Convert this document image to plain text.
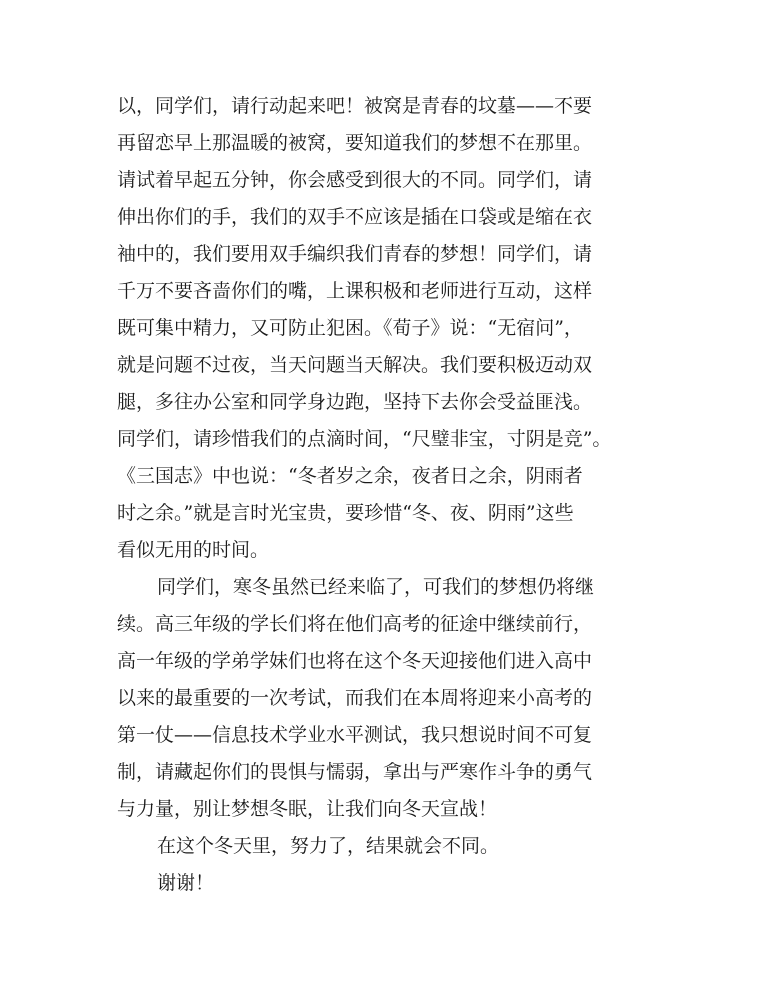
以，同学们，请行动起来吧！被窝是青春的坟墓——不要
再留恋早上那温暖的被窝，要知道我们的梦想不在那里。
请试着早起五分钟，你会感受到很大的不同。同学们，请
伸出你们的手，我们的双手不应该是插在口袋或是缩在衣
袖中的，我们要用双手编织我们青春的梦想！同学们，请
千万不要吝啬你们的嘴，上课积极和老师进行互动，这样
既可集中精力，又可防止犯困。《荀子》说：“无宿问”，
就是问题不过夜，当天问题当天解决。我们要积极迈动双
腿，多往办公室和同学身边跑，坚持下去你会受益匪浅。
同学们，请珍惜我们的点滴时间，“尺璧非宝，寸阴是竞”。
《三国志》中也说：“冬者岁之余，夜者日之余，阴雨者
时之余。”就是言时光宝贵，要珍惜“冬、夜、阴雨”这些
看似无用的时间。
同学们，寒冬虽然已经来临了，可我们的梦想仍将继
续。高三年级的学长们将在他们高考的征途中继续前行，
高一年级的学弟学妹们也将在这个冬天迎接他们进入高中
以来的最重要的一次考试，而我们在本周将迎来小高考的
第一仗——信息技术学业水平测试，我只想说时间不可复
制，请藏起你们的畏惧与懦弱，拿出与严寒作斗争的勇气
与力量，别让梦想冬眠，让我们向冬天宣战！
在这个冬天里，努力了，结果就会不同。
谢谢！
